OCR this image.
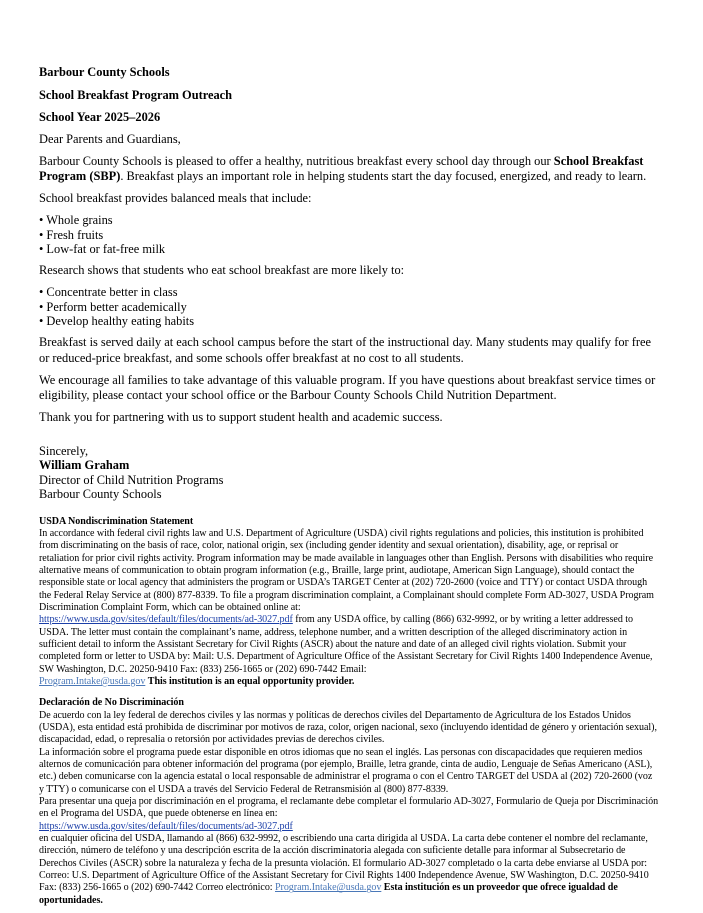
Barbour County Schools
School Breakfast Program Outreach
School Year 2025–2026
Dear Parents and Guardians,
Barbour County Schools is pleased to offer a healthy, nutritious breakfast every school day through our School Breakfast Program (SBP). Breakfast plays an important role in helping students start the day focused, energized, and ready to learn.
School breakfast provides balanced meals that include:
• Whole grains
• Fresh fruits
• Low-fat or fat-free milk
Research shows that students who eat school breakfast are more likely to:
• Concentrate better in class
• Perform better academically
• Develop healthy eating habits
Breakfast is served daily at each school campus before the start of the instructional day. Many students may qualify for free or reduced-price breakfast, and some schools offer breakfast at no cost to all students.
We encourage all families to take advantage of this valuable program. If you have questions about breakfast service times or eligibility, please contact your school office or the Barbour County Schools Child Nutrition Department.
Thank you for partnering with us to support student health and academic success.
Sincerely,
William Graham
Director of Child Nutrition Programs
Barbour County Schools
USDA Nondiscrimination Statement
In accordance with federal civil rights law and U.S. Department of Agriculture (USDA) civil rights regulations and policies, this institution is prohibited from discriminating on the basis of race, color, national origin, sex (including gender identity and sexual orientation), disability, age, or reprisal or retaliation for prior civil rights activity. Program information may be made available in languages other than English. Persons with disabilities who require alternative means of communication to obtain program information (e.g., Braille, large print, audiotape, American Sign Language), should contact the responsible state or local agency that administers the program or USDA’s TARGET Center at (202) 720-2600 (voice and TTY) or contact USDA through the Federal Relay Service at (800) 877-8339. To file a program discrimination complaint, a Complainant should complete Form AD-3027, USDA Program Discrimination Complaint Form, which can be obtained online at:
https://www.usda.gov/sites/default/files/documents/ad-3027.pdf from any USDA office, by calling (866) 632-9992, or by writing a letter addressed to USDA. The letter must contain the complainant’s name, address, telephone number, and a written description of the alleged discriminatory action in sufficient detail to inform the Assistant Secretary for Civil Rights (ASCR) about the nature and date of an alleged civil rights violation. Submit your completed form or letter to USDA by: Mail: U.S. Department of Agriculture Office of the Assistant Secretary for Civil Rights 1400 Independence Avenue, SW Washington, D.C. 20250-9410 Fax: (833) 256-1665 or (202) 690-7442 Email:
Program.Intake@usda.gov This institution is an equal opportunity provider.
Declaración de No Discriminación
De acuerdo con la ley federal de derechos civiles y las normas y políticas de derechos civiles del Departamento de Agricultura de los Estados Unidos (USDA), esta entidad está prohibida de discriminar por motivos de raza, color, origen nacional, sexo (incluyendo identidad de género y orientación sexual), discapacidad, edad, o represalia o retorsión por actividades previas de derechos civiles.
La información sobre el programa puede estar disponible en otros idiomas que no sean el inglés. Las personas con discapacidades que requieren medios alternos de comunicación para obtener información del programa (por ejemplo, Braille, letra grande, cinta de audio, Lenguaje de Señas Americano (ASL), etc.) deben comunicarse con la agencia estatal o local responsable de administrar el programa o con el Centro TARGET del USDA al (202) 720-2600 (voz y TTY) o comunicarse con el USDA a través del Servicio Federal de Retransmisión al (800) 877-8339.
Para presentar una queja por discriminación en el programa, el reclamante debe completar el formulario AD-3027, Formulario de Queja por Discriminación en el Programa del USDA, que puede obtenerse en línea en:
https://www.usda.gov/sites/default/files/documents/ad-3027.pdf
en cualquier oficina del USDA, llamando al (866) 632-9992, o escribiendo una carta dirigida al USDA. La carta debe contener el nombre del reclamante, dirección, número de teléfono y una descripción escrita de la acción discriminatoria alegada con suficiente detalle para informar al Subsecretario de Derechos Civiles (ASCR) sobre la naturaleza y fecha de la presunta violación. El formulario AD-3027 completado o la carta debe enviarse al USDA por: Correo: U.S. Department of Agriculture Office of the Assistant Secretary for Civil Rights 1400 Independence Avenue, SW Washington, D.C. 20250-9410 Fax: (833) 256-1665 o (202) 690-7442 Correo electrónico: Program.Intake@usda.gov Esta institución es un proveedor que ofrece igualdad de oportunidades.
